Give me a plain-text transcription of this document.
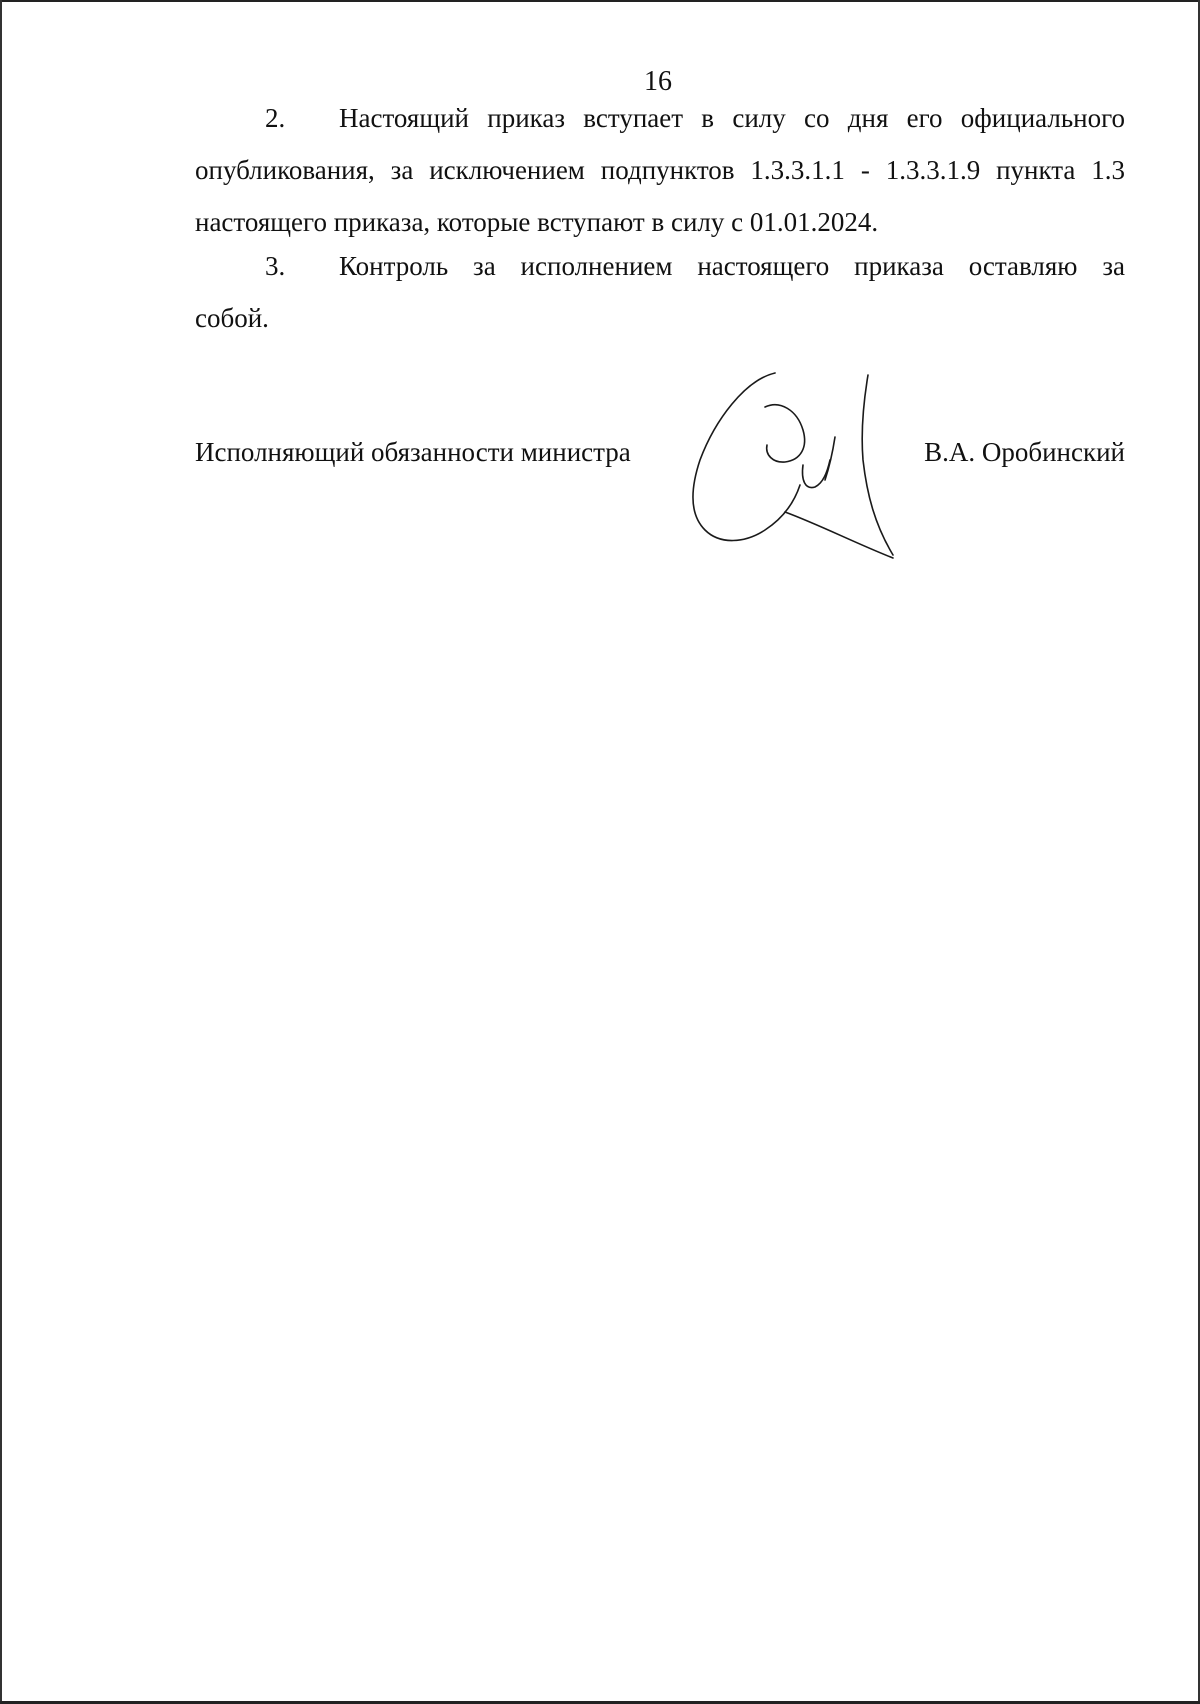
16
2. Настоящий приказ вступает в силу со дня его официального
опубликования, за исключением подпунктов 1.3.3.1.1 - 1.3.3.1.9 пункта 1.3
настоящего приказа, которые вступают в силу с 01.01.2024.
3. Контроль за исполнением настоящего приказа оставляю за
собой.
Исполняющий обязанности министра	В.А. Оробинский
